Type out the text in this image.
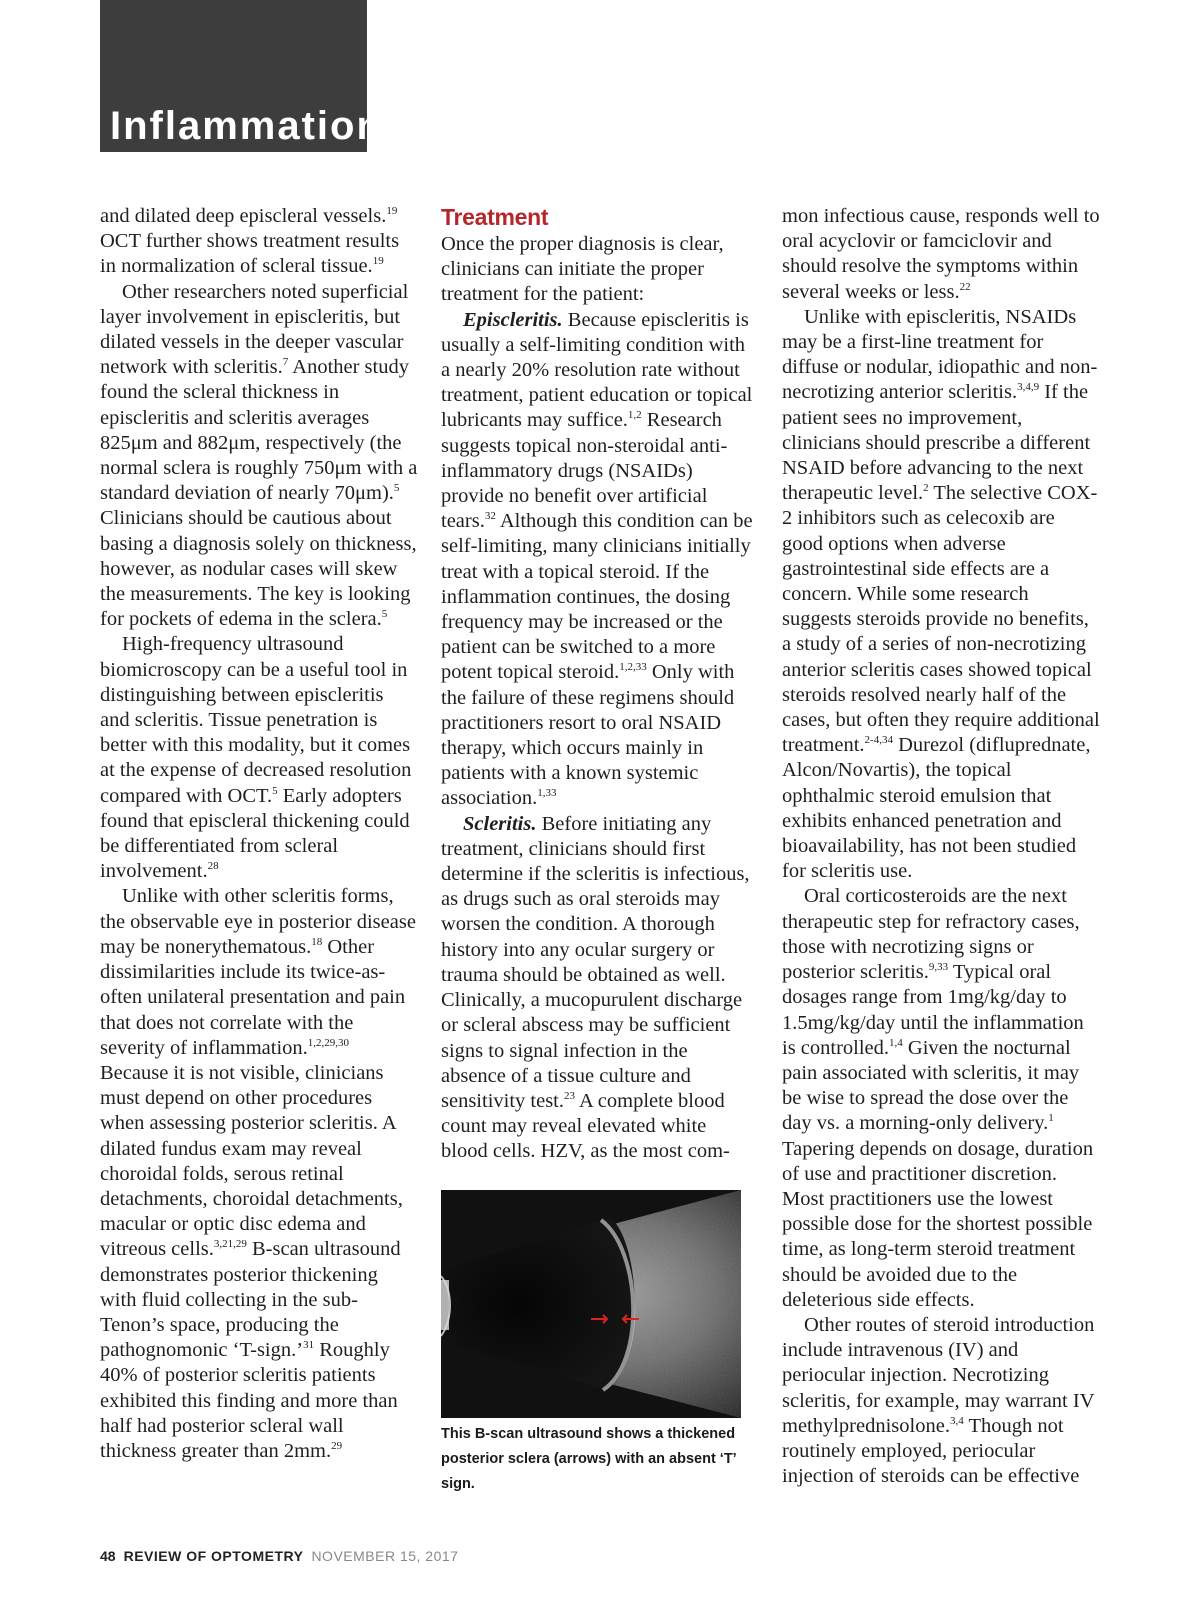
Inflammation

and dilated deep episcleral vessels.$^{19}$ OCT further shows treatment results in normalization of scleral tissue.$^{19}$

Other researchers noted superficial layer involvement in episcleritis, but dilated vessels in the deeper vascular network with scleritis.$^7$ Another study found the scleral thickness in episcleritis and scleritis averages 825μm and 882μm, respectively (the normal sclera is roughly 750μm with a standard deviation of nearly 70μm).$^5$ Clinicians should be cautious about basing a diagnosis solely on thickness, however, as nodular cases will skew the measurements. The key is looking for pockets of edema in the sclera.$^5$

High-frequency ultrasound biomicroscopy can be a useful tool in distinguishing between episcleritis and scleritis. Tissue penetration is better with this modality, but it comes at the expense of decreased resolution compared with OCT.$^5$ Early adopters found that episcleral thickening could be differentiated from scleral involvement.$^{28}$

Unlike with other scleritis forms, the observable eye in posterior disease may be nonerythematous.$^{18}$ Other dissimilarities include its twice-as-often unilateral presentation and pain that does not correlate with the severity of inflammation.$^{1,2,29,30}$ Because it is not visible, clinicians must depend on other procedures when assessing posterior scleritis. A dilated fundus exam may reveal choroidal folds, serous retinal detachments, choroidal detachments, macular or optic disc edema and vitreous cells.$^{3,21,29}$ B-scan ultrasound demonstrates posterior thickening with fluid collecting in the sub-Tenon’s space, producing the pathognomonic ‘T-sign.’$^{31}$ Roughly 40% of posterior scleritis patients exhibited this finding and more than half had posterior scleral wall thickness greater than 2mm.$^{29}$

Treatment

Once the proper diagnosis is clear, clinicians can initiate the proper treatment for the patient:

Episcleritis. Because episcleritis is usually a self-limiting condition with a nearly 20% resolution rate without treatment, patient education or topical lubricants may suffice.$^{1,2}$ Research suggests topical non-steroidal anti-inflammatory drugs (NSAIDs) provide no benefit over artificial tears.$^{32}$ Although this condition can be self-limiting, many clinicians initially treat with a topical steroid. If the inflammation continues, the dosing frequency may be increased or the patient can be switched to a more potent topical steroid.$^{1,2,33}$ Only with the failure of these regimens should practitioners resort to oral NSAID therapy, which occurs mainly in patients with a known systemic association.$^{1,33}$

Scleritis. Before initiating any treatment, clinicians should first determine if the scleritis is infectious, as drugs such as oral steroids may worsen the condition. A thorough history into any ocular surgery or trauma should be obtained as well. Clinically, a mucopurulent discharge or scleral abscess may be sufficient signs to signal infection in the absence of a tissue culture and sensitivity test.$^{23}$ A complete blood count may reveal elevated white blood cells. HZV, as the most com-

This B-scan ultrasound shows a thickened posterior sclera (arrows) with an absent ‘T’ sign.

mon infectious cause, responds well to oral acyclovir or famciclovir and should resolve the symptoms within several weeks or less.$^{22}$

Unlike with episcleritis, NSAIDs may be a first-line treatment for diffuse or nodular, idiopathic and non-necrotizing anterior scleritis.$^{3,4,9}$ If the patient sees no improvement, clinicians should prescribe a different NSAID before advancing to the next therapeutic level.$^2$ The selective COX-2 inhibitors such as celecoxib are good options when adverse gastrointestinal side effects are a concern. While some research suggests steroids provide no benefits, a study of a series of non-necrotizing anterior scleritis cases showed topical steroids resolved nearly half of the cases, but often they require additional treatment.$^{2-4,34}$ Durezol (difluprednate, Alcon/Novartis), the topical ophthalmic steroid emulsion that exhibits enhanced penetration and bioavailability, has not been studied for scleritis use.

Oral corticosteroids are the next therapeutic step for refractory cases, those with necrotizing signs or posterior scleritis.$^{9,33}$ Typical oral dosages range from 1mg/kg/day to 1.5mg/kg/day until the inflammation is controlled.$^{1,4}$ Given the nocturnal pain associated with scleritis, it may be wise to spread the dose over the day vs. a morning-only delivery.$^1$ Tapering depends on dosage, duration of use and practitioner discretion. Most practitioners use the lowest possible dose for the shortest possible time, as long-term steroid treatment should be avoided due to the deleterious side effects.

Other routes of steroid introduction include intravenous (IV) and periocular injection. Necrotizing scleritis, for example, may warrant IV methylprednisolone.$^{3,4}$ Though not routinely employed, periocular injection of steroids can be effective

48 REVIEW OF OPTOMETRY NOVEMBER 15, 2017
